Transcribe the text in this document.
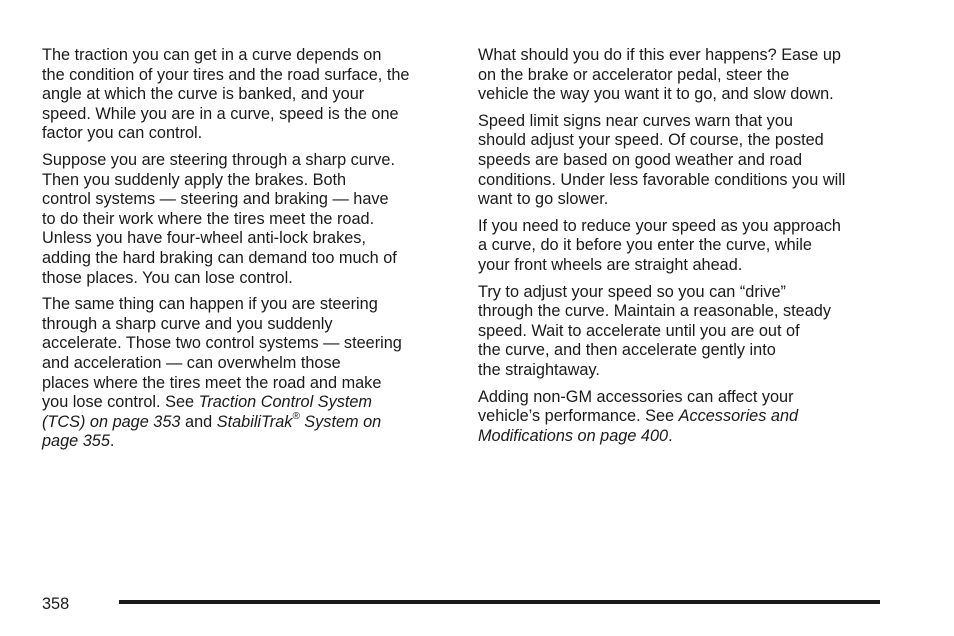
The traction you can get in a curve depends on
the condition of your tires and the road surface, the
angle at which the curve is banked, and your
speed. While you are in a curve, speed is the one
factor you can control.

Suppose you are steering through a sharp curve.
Then you suddenly apply the brakes. Both
control systems — steering and braking — have
to do their work where the tires meet the road.
Unless you have four-wheel anti-lock brakes,
adding the hard braking can demand too much of
those places. You can lose control.

The same thing can happen if you are steering
through a sharp curve and you suddenly
accelerate. Those two control systems — steering
and acceleration — can overwhelm those
places where the tires meet the road and make
you lose control. See Traction Control System
(TCS) on page 353 and StabiliTrak® System on
page 355.

What should you do if this ever happens? Ease up
on the brake or accelerator pedal, steer the
vehicle the way you want it to go, and slow down.

Speed limit signs near curves warn that you
should adjust your speed. Of course, the posted
speeds are based on good weather and road
conditions. Under less favorable conditions you will
want to go slower.

If you need to reduce your speed as you approach
a curve, do it before you enter the curve, while
your front wheels are straight ahead.

Try to adjust your speed so you can “drive”
through the curve. Maintain a reasonable, steady
speed. Wait to accelerate until you are out of
the curve, and then accelerate gently into
the straightaway.

Adding non-GM accessories can affect your
vehicle’s performance. See Accessories and
Modifications on page 400.

358
